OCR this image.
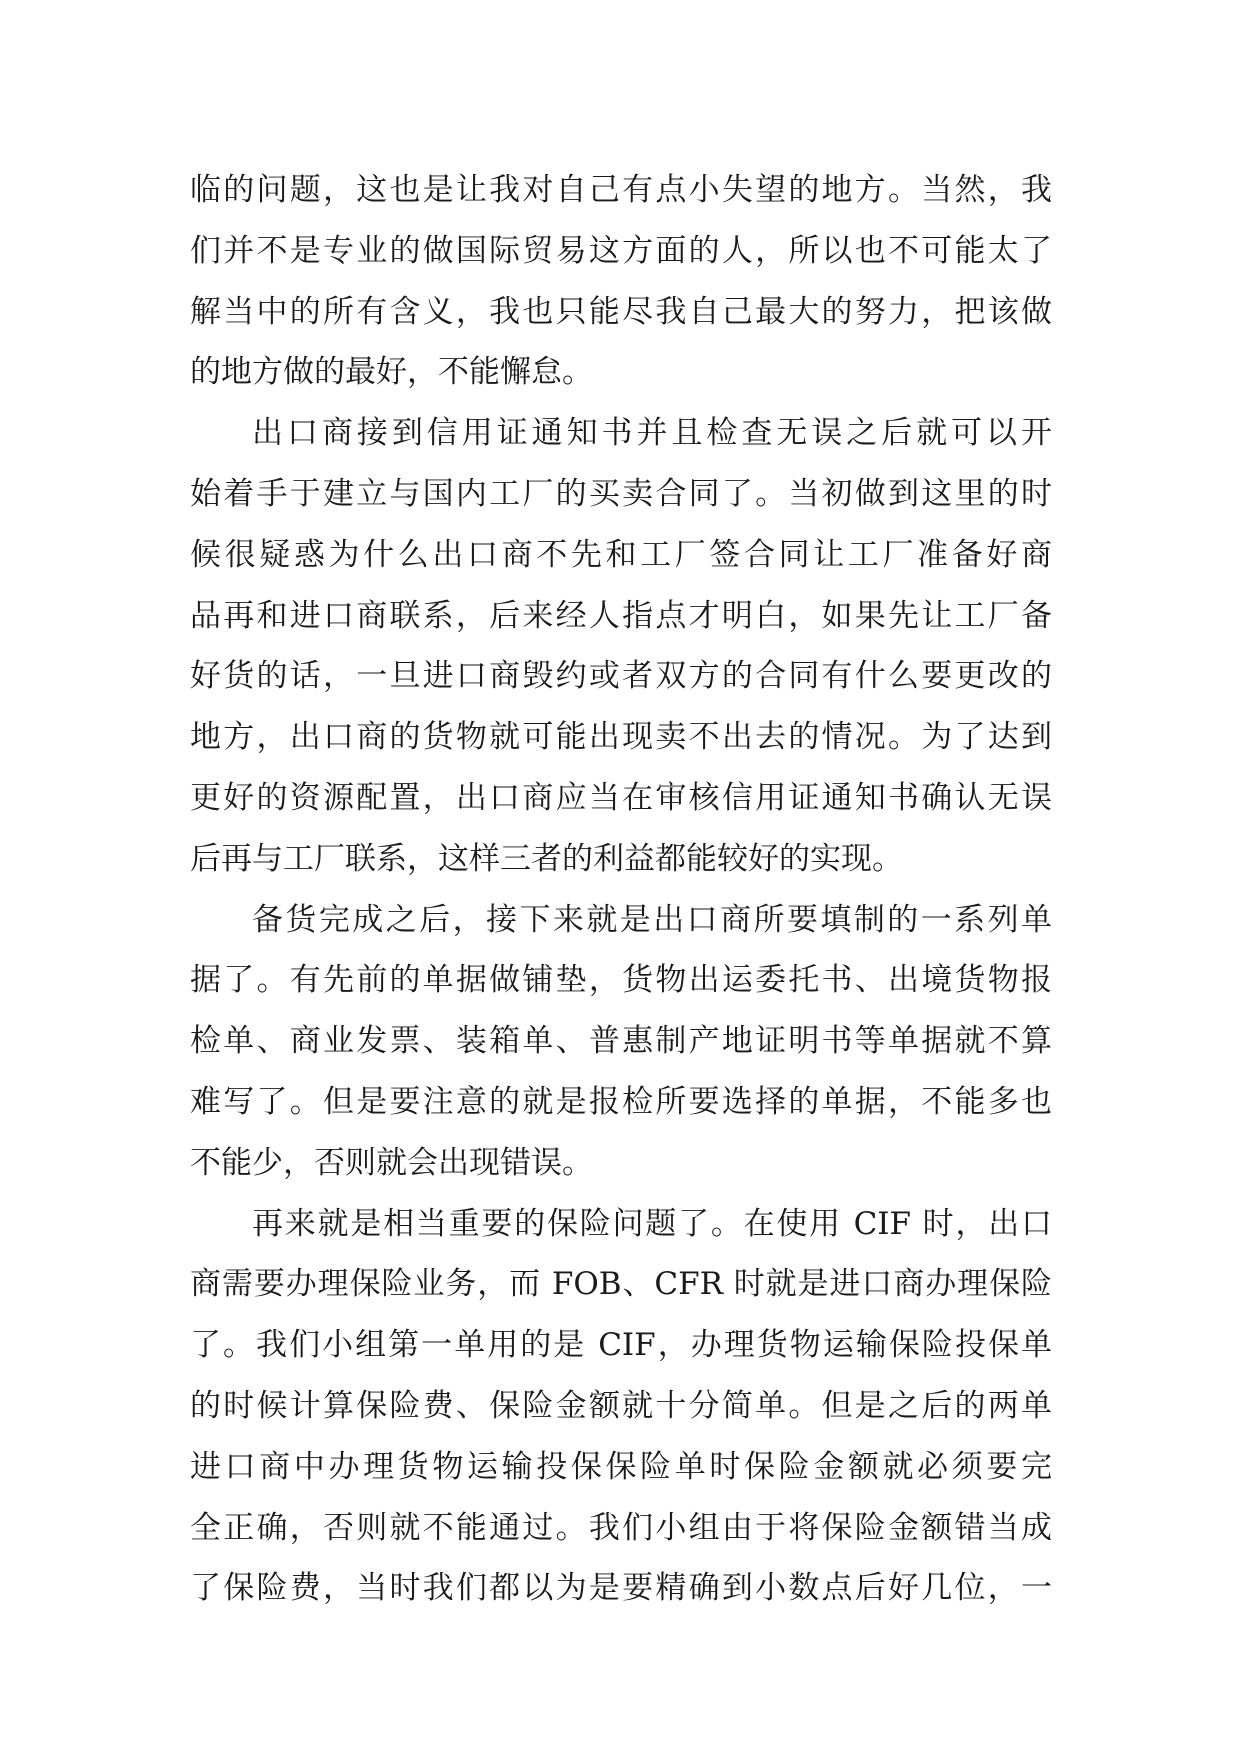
临的问题，这也是让我对自己有点小失望的地方。当然，我
们并不是专业的做国际贸易这方面的人，所以也不可能太了
解当中的所有含义，我也只能尽我自己最大的努力，把该做
的地方做的最好，不能懈怠。
出口商接到信用证通知书并且检查无误之后就可以开
始着手于建立与国内工厂的买卖合同了。当初做到这里的时
候很疑惑为什么出口商不先和工厂签合同让工厂准备好商
品再和进口商联系，后来经人指点才明白，如果先让工厂备
好货的话，一旦进口商毁约或者双方的合同有什么要更改的
地方，出口商的货物就可能出现卖不出去的情况。为了达到
更好的资源配置，出口商应当在审核信用证通知书确认无误
后再与工厂联系，这样三者的利益都能较好的实现。
备货完成之后，接下来就是出口商所要填制的一系列单
据了。有先前的单据做铺垫，货物出运委托书、出境货物报
检单、商业发票、装箱单、普惠制产地证明书等单据就不算
难写了。但是要注意的就是报检所要选择的单据，不能多也
不能少，否则就会出现错误。
再来就是相当重要的保险问题了。在使用 CIF 时，出口
商需要办理保险业务，而 FOB、CFR 时就是进口商办理保险
了。我们小组第一单用的是 CIF，办理货物运输保险投保单
的时候计算保险费、保险金额就十分简单。但是之后的两单
进口商中办理货物运输投保保险单时保险金额就必须要完
全正确，否则就不能通过。我们小组由于将保险金额错当成
了保险费，当时我们都以为是要精确到小数点后好几位，一
